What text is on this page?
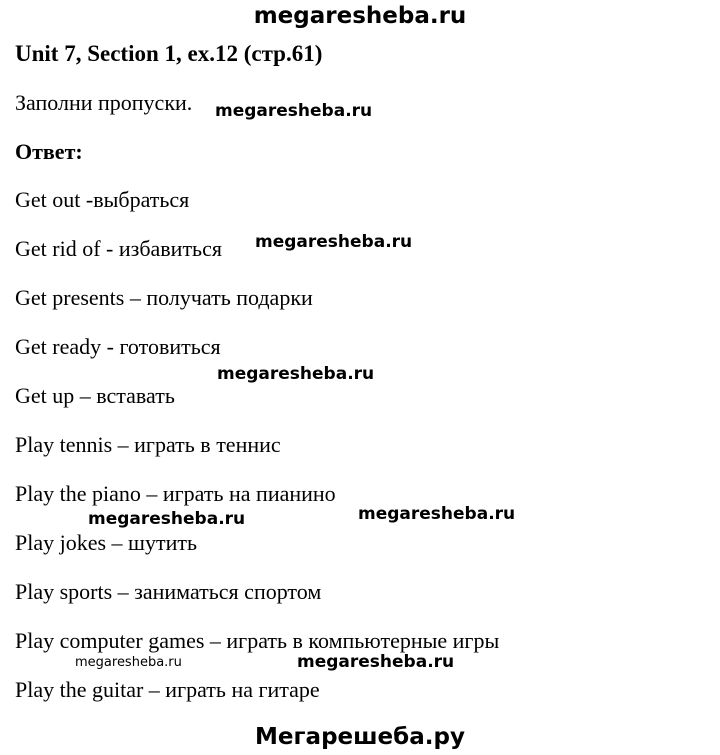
megaresheba.ru
Unit 7, Section 1, ex.12 (стр.61)
Заполни пропуски.
Ответ:
Get out -выбраться
Get rid of - избавиться
Get presents – получать подарки
Get ready - готовиться
Get up – вставать
Play tennis – играть в теннис
Play the piano – играть на пианино
Play jokes – шутить
Play sports – заниматься спортом
Play computer games – играть в компьютерные игры
Play the guitar – играть на гитаре
megaresheba.ru
megaresheba.ru
megaresheba.ru
megaresheba.ru	megaresheba.ru
megaresheba.ru	megaresheba.ru
Мегарешеба.ру
